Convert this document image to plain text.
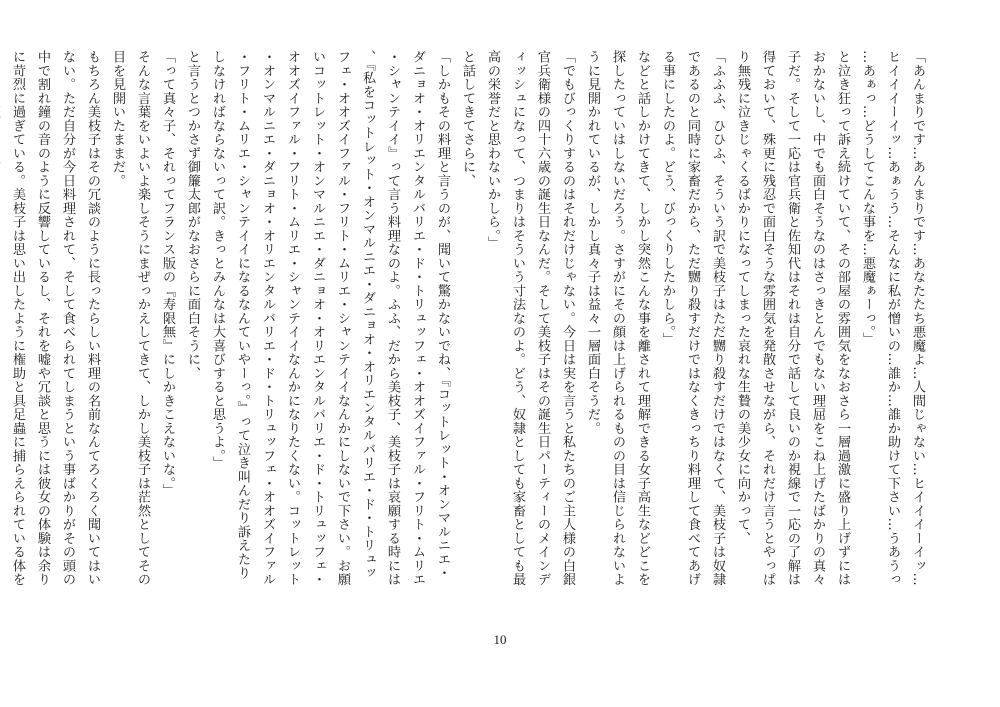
「あんまりです…あんまりです…あなたたち悪魔よ…人間じゃない…ヒイイイーイッ…ヒイイイーイッ…あぁうう…そんなに私が憎いの…誰か…誰か助けて下さい…うあうっ…あぁっ…どうしてこんな事を…悪魔ぁーっ。」

と泣き狂って訴え続けていて、その部屋の雰囲気をなおさら一層過激に盛り上げずにはおかないし、中でも面白そうなのはさっきとんでもない理屈をこね上げたばかりの真々子だ。そして一応は官兵衛と佐知代はそれは自分で話して良いのか視線で一応の了解は得ておいて、殊更に残忍で面白そうな雰囲気を発散させながら、それだけ言うとやっぱり無残に泣きじゃくるばかりになってしまった哀れな生贄の美少女に向かって、

「ふふふ、ひひふ、そういう訳で美枝子はただ嬲り殺すだけではなくて、美枝子は奴隷であるのと同時に家畜だから、ただ嬲り殺すだけではなくきっちり料理して食べてあげる事にしたのよ。どう、びっくりしたかしら。」

などと話しかけてきて、しかし突然こんな事を離されて理解できる女子高生などどこを探したっていはしないだろう。さすがにその顔は上げられるものの目は信じられないように見開かれているが、しかし真々子は益々一層面白そうだ。

「でもびっくりするのはそれだけじゃない。今日は実を言うと私たちのご主人様の白銀官兵衛様の四十六歳の誕生日なんだ。そして美枝子はその誕生日パーティーのメインディッシュになって、つまりはそういう寸法なのよ。どう、奴隷としても家畜としても最高の栄誉だと思わないかしら。」

と話してきてさらに、

「しかもその料理と言うのが、聞いて驚かないでね、『コットレット・オンマルニエ・ダニョオ・オリエンタルバリエ・ド・トリュッフェ・オオズイファル・フリト・ムリエ・シャンテイイ』って言う料理なのよ。ふふ、だから美枝子、美枝子は哀願する時には、『私をコットレット・オンマルニエ・ダニョオ・オリエンタルバリエ・ド・トリュッフェ・オオズイファル・フリト・ムリエ・シャンテイイなんかにしないで下さい。お願いコットレット・オンマルニエ・ダニョオ・オリエンタルバリエ・ド・トリュッフェ・オオズイファル・フリト・ムリエ・シャンテイイなんかになりたくない。コットレット・オンマルニエ・ダニョオ・オリエンタルバリエ・ド・トリュッフェ・オオズイファル・フリト・ムリエ・シャンテイイになるなんていやーっ。』って泣き叫んだり訴えたりしなければならないって訳。きっとみんなは大喜びすると思うよ。」

と言うとつかさず御簾太郎がなおさらに面白そうに、

「って真々子、それってフランス版の『寿限無』にしかきこえないな。」

そんな言葉をいよいよ楽しそうにまぜっかえしてきて、しかし美枝子は茫然としてその目を見開いたままだ。

もちろん美枝子はその冗談のように長ったらしい料理の名前なんてろくろく聞いてはいない。ただ自分が今日料理されて、そして食べられてしまうという事ばかりがその頭の中で割れ鐘の音のように反響しているし、それを嘘や冗談と思うには彼女の体験は余りに苛烈に過ぎている。美枝子は思い出したように権助と具足蟲に捕らえられている体を

10
